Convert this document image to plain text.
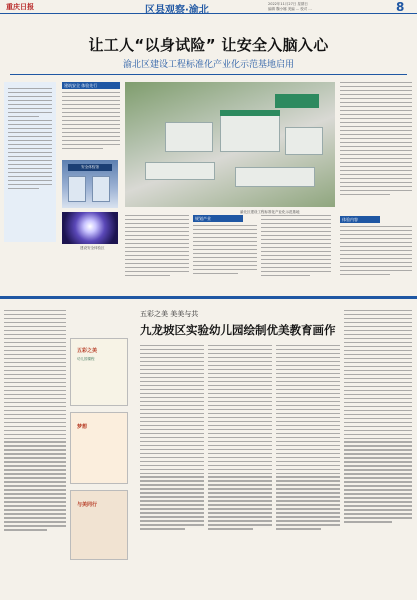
重庆日报	区县观察·渝北
2022年11月27日 星期日
编辑 魏小娜 美编 ... 校对 ...	8
让工人“以身试险” 让安全入脑入心
渝北区建设工程标准化产业化示范基地启用
建筑安全 体验先行
渝北区建设工程标准化产业化示范基地
安全体验馆
建设安全体验区
规划产业	体验内容
五彩之美 美美与共
九龙坡区实验幼儿园绘制优美教育画作
五彩之美
幼儿园课程
梦想
与美同行
